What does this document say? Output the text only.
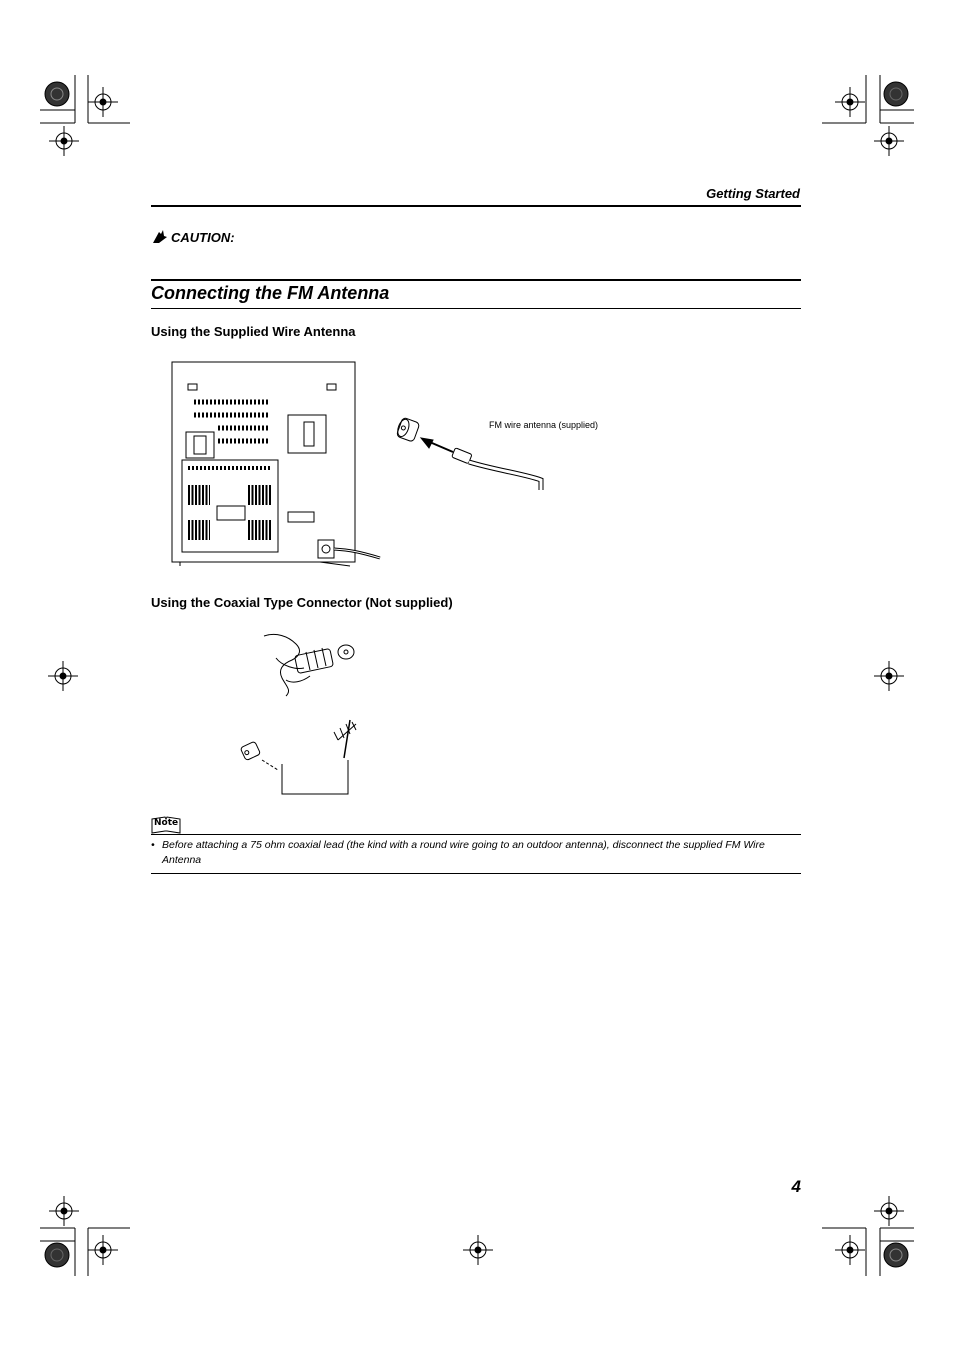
Getting Started
CAUTION:
Connecting the FM Antenna
Using the Supplied Wire Antenna
FM wire antenna (supplied)
Using the Coaxial Type Connector (Not supplied)
Note
• Before attaching a 75 ohm coaxial lead (the kind with a round wire going to an outdoor antenna), disconnect the supplied FM Wire Antenna
4
